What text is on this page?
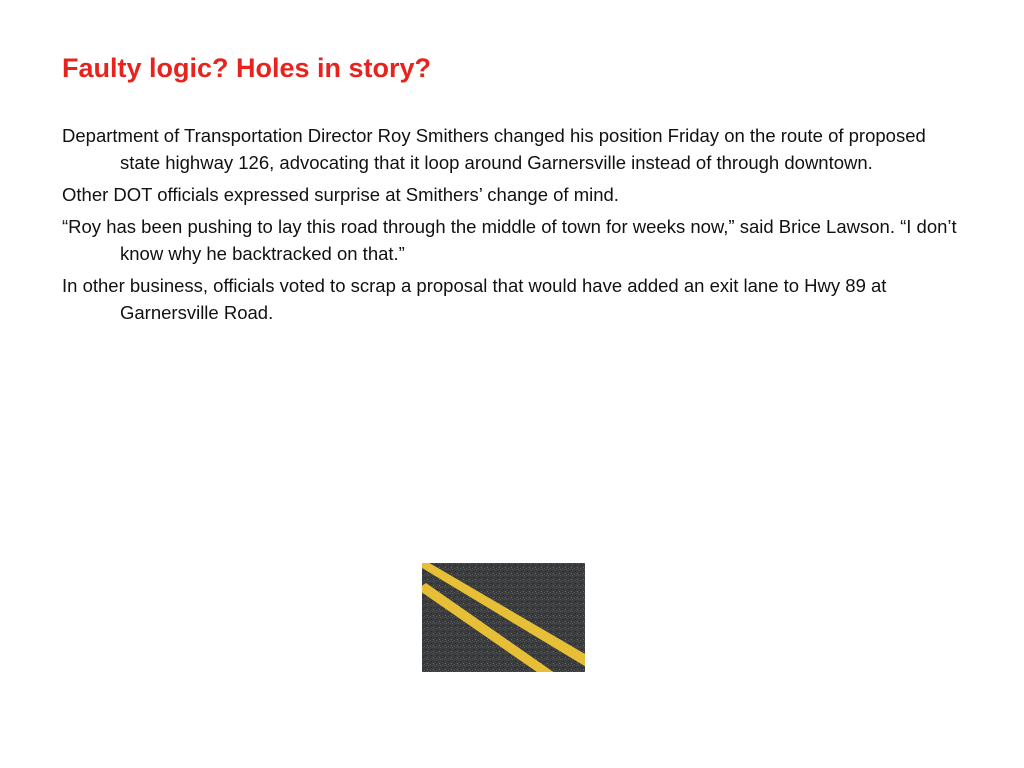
Faulty logic? Holes in story?
Department of Transportation Director Roy Smithers changed his position Friday on the route of proposed state highway 126, advocating that it loop around Garnersville instead of through downtown.
Other DOT officials expressed surprise at Smithers’ change of mind.
“Roy has been pushing to lay this road through the middle of town for weeks now,” said Brice Lawson. “I don’t know why he backtracked on that.”
In other business, officials voted to scrap a proposal that would have added an exit lane to Hwy 89 at Garnersville Road.
